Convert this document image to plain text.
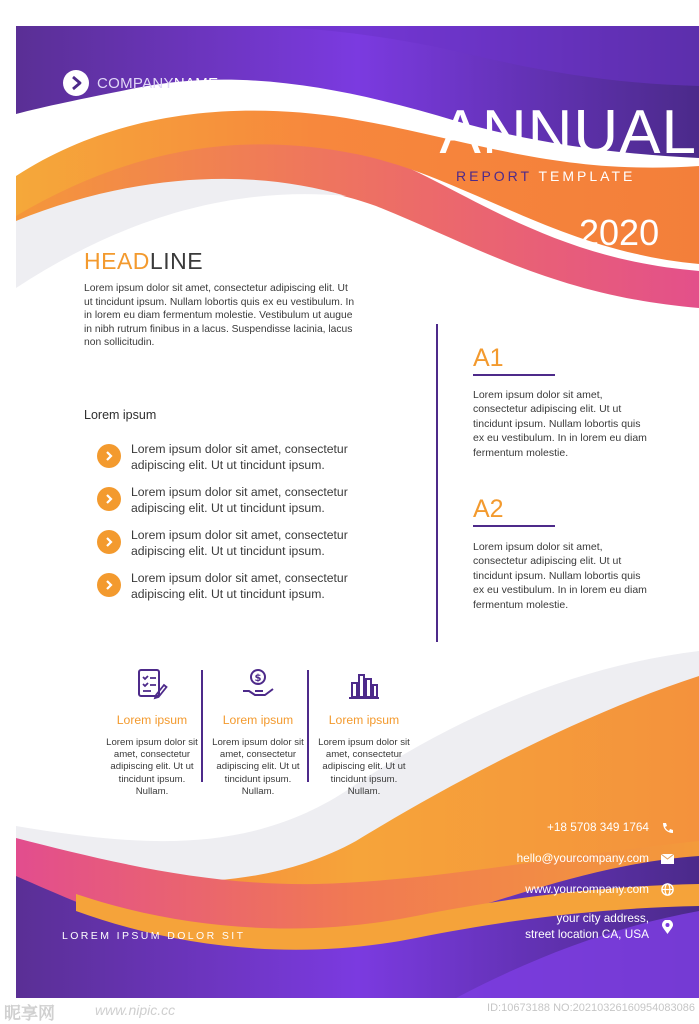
COMPANYNAME
ANNUAL
REPORT TEMPLATE
2020
HEADLINE
Lorem ipsum dolor sit amet, consectetur adipiscing elit. Ut ut tincidunt ipsum. Nullam lobortis quis ex eu vestibulum. In in lorem eu diam fermentum molestie. Vestibulum ut augue in nibh rutrum finibus in a lacus. Suspendisse lacinia, lacus non sollicitudin.
Lorem ipsum
Lorem ipsum dolor sit amet, consectetur adipiscing elit. Ut ut tincidunt ipsum.
Lorem ipsum dolor sit amet, consectetur adipiscing elit. Ut ut tincidunt ipsum.
Lorem ipsum dolor sit amet, consectetur adipiscing elit. Ut ut tincidunt ipsum.
Lorem ipsum dolor sit amet, consectetur adipiscing elit. Ut ut tincidunt ipsum.
A1
Lorem ipsum dolor sit amet, consectetur adipiscing elit. Ut ut tincidunt ipsum. Nullam lobortis quis ex eu vestibulum. In in lorem eu diam fermentum molestie.
A2
Lorem ipsum dolor sit amet, consectetur adipiscing elit. Ut ut tincidunt ipsum. Nullam lobortis quis ex eu vestibulum. In in lorem eu diam fermentum molestie.
Lorem ipsum
Lorem ipsum dolor sit amet, consectetur adipiscing elit. Ut ut tincidunt ipsum. Nullam.
$
Lorem ipsum
Lorem ipsum dolor sit amet, consectetur adipiscing elit. Ut ut tincidunt ipsum. Nullam.
Lorem ipsum
Lorem ipsum dolor sit amet, consectetur adipiscing elit. Ut ut tincidunt ipsum. Nullam.
+18 5708 349 1764
hello@yourcompany.com
www.yourcompany.com
your city address,
street location CA, USA
LOREM IPSUM DOLOR SIT
昵享网	www.nipic.cc	ID:10673188 NO:20210326160954083086
